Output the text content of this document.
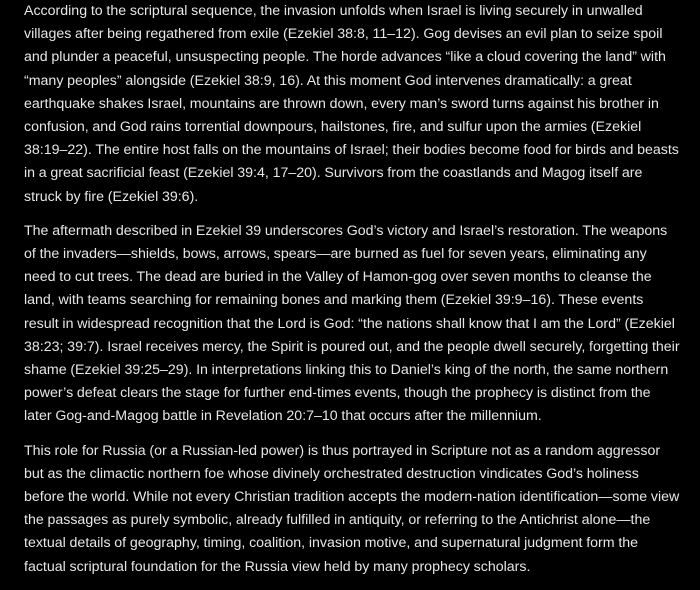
According to the scriptural sequence, the invasion unfolds when Israel is living securely in unwalled villages after being regathered from exile (Ezekiel 38:8, 11–12). Gog devises an evil plan to seize spoil and plunder a peaceful, unsuspecting people. The horde advances “like a cloud covering the land” with “many peoples” alongside (Ezekiel 38:9, 16). At this moment God intervenes dramatically: a great earthquake shakes Israel, mountains are thrown down, every man’s sword turns against his brother in confusion, and God rains torrential downpours, hailstones, fire, and sulfur upon the armies (Ezekiel 38:19–22). The entire host falls on the mountains of Israel; their bodies become food for birds and beasts in a great sacrificial feast (Ezekiel 39:4, 17–20). Survivors from the coastlands and Magog itself are struck by fire (Ezekiel 39:6).

The aftermath described in Ezekiel 39 underscores God’s victory and Israel’s restoration. The weapons of the invaders—shields, bows, arrows, spears—are burned as fuel for seven years, eliminating any need to cut trees. The dead are buried in the Valley of Hamon-gog over seven months to cleanse the land, with teams searching for remaining bones and marking them (Ezekiel 39:9–16). These events result in widespread recognition that the Lord is God: “the nations shall know that I am the Lord” (Ezekiel 38:23; 39:7). Israel receives mercy, the Spirit is poured out, and the people dwell securely, forgetting their shame (Ezekiel 39:25–29). In interpretations linking this to Daniel’s king of the north, the same northern power’s defeat clears the stage for further end-times events, though the prophecy is distinct from the later Gog-and-Magog battle in Revelation 20:7–10 that occurs after the millennium.

This role for Russia (or a Russian-led power) is thus portrayed in Scripture not as a random aggressor but as the climactic northern foe whose divinely orchestrated destruction vindicates God’s holiness before the world. While not every Christian tradition accepts the modern-nation identification—some view the passages as purely symbolic, already fulfilled in antiquity, or referring to the Antichrist alone—the textual details of geography, timing, coalition, invasion motive, and supernatural judgment form the factual scriptural foundation for the Russia view held by many prophecy scholars.
